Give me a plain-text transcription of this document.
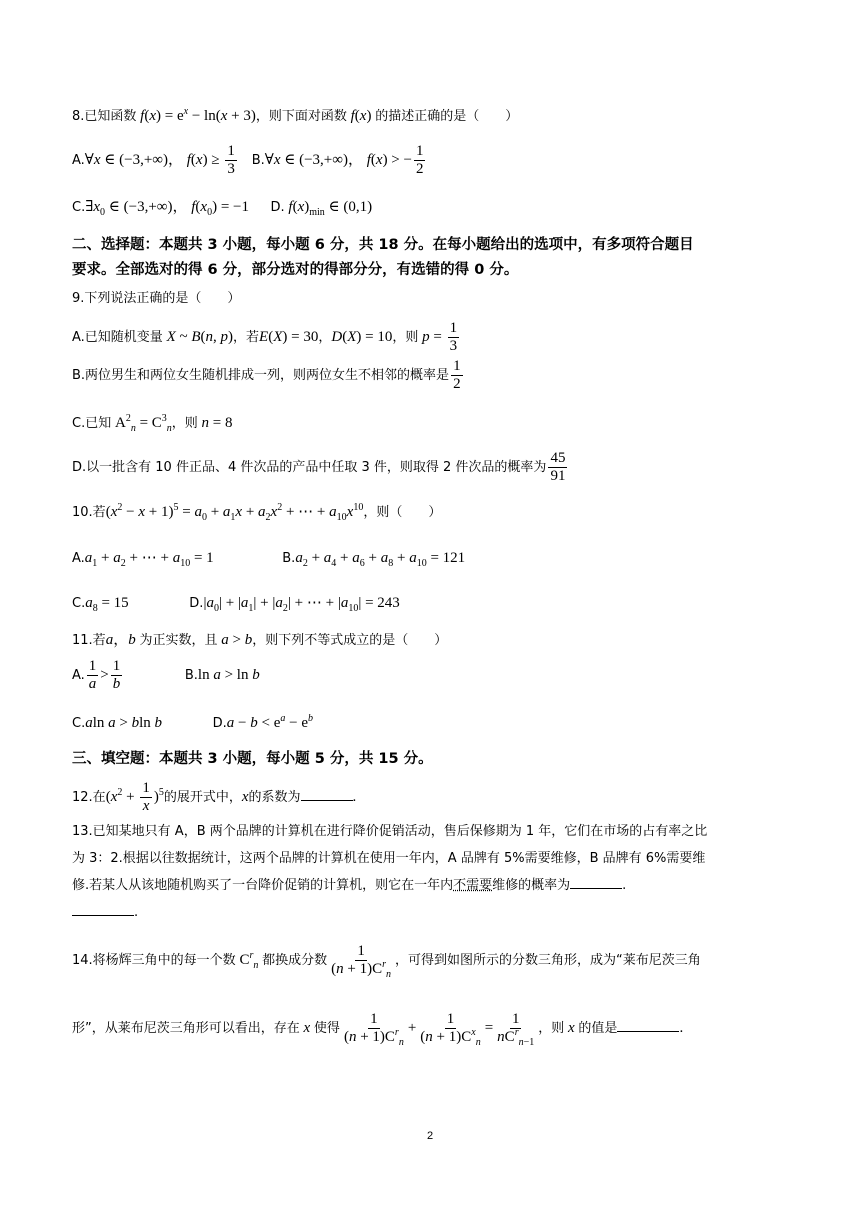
8.已知函数 $f(x) = e^x - \ln(x + 3)$，则下面对函数 f(x) 的描述正确的是（　　）
A.∀x ∈ (−3,+∞)， $f(x) \ge \frac{1}{3}$ B.∀x ∈ (−3,+∞)， f(x) > − $\frac{1}{2}$
$C.\exists x_0$ ∈ (−3,+∞)， $f(x_0) = -1$ D. $f(x)_{min}$ ∈ (0,1)
二、选择题：本题共 3 小题，每小题 6 分，共 18 分。在每小题给出的选项中，有多项符合题目
要求。全部选对的得 6 分，部分选对的得部分分，有选错的得 0 分。
9.下列说法正确的是（　　）
A.已知随机变量 X ~ B(n, p)，若E(X) = 30，D(X) = 10，则 $p = \frac{1}{3}$
B.两位男生和两位女生随机排成一列，则两位女生不相邻的概率是 $\frac{1}{2}$
C.已知 $A^2_n = C^3_n$，则 n = 8
D.以一批含有 10 件正品、4 件次品的产品中任取 3 件，则取得 2 件次品的概率为 $\frac{45}{91}$
10.若$(x^2 - x + 1)^5 = a_0 + a_1x + a_2x^2$ + ⋯ + $a_{10}x^{10}$，则（　　）
$A.a_1 + a_2$ + ⋯ + $a_{10} = 1$	$B.a_2 + a_4 + a_6 + a_8 + a_{10} = 121$
$C.a_8 = 15$	$D.|a_0| + |a_1| + |a_2|$ + ⋯ + $|a_{10}| = 243$
11.若a，b 为正实数，且 a > b，则下列不等式成立的是（　　）
A. $\frac{1}{a} > \frac{1}{b}$	B.ln a > ln b
C.aln a > bln b	$D.a - b < e^a - e^b$
三、填空题：本题共 3 小题，每小题 5 分，共 15 分。
12.在$(x^2 + \frac{1}{x} )^5$的展开式中，x的系数为	.
13.已知某地只有 A，B 两个品牌的计算机在进行降价促销活动，售后保修期为 1 年，它们在市场的占有率之比
为 3：2.根据以往数据统计，这两个品牌的计算机在使用一年内，A 品牌有 5%需要维修，B 品牌有 6%需要维
修.若某人从该地随机购买了一台降价促销的计算机，则它在一年内不需要维修的概率为	.
.
14.将杨辉三角中的每一个数 $C^r_n$ 都换成分数 $\frac{1}{(n + 1)C^r_n}$ ，可得到如图所示的分数三角形，成为“莱布尼茨三角
形”，从莱布尼茨三角形可以看出，存在 x 使得 $\frac{1}{(n + 1)C^r_n} + \frac{1}{(n + 1)C^x_n} = \frac{1}{nC^r_{n-1}}$ ，则 x 的值是	.
2
